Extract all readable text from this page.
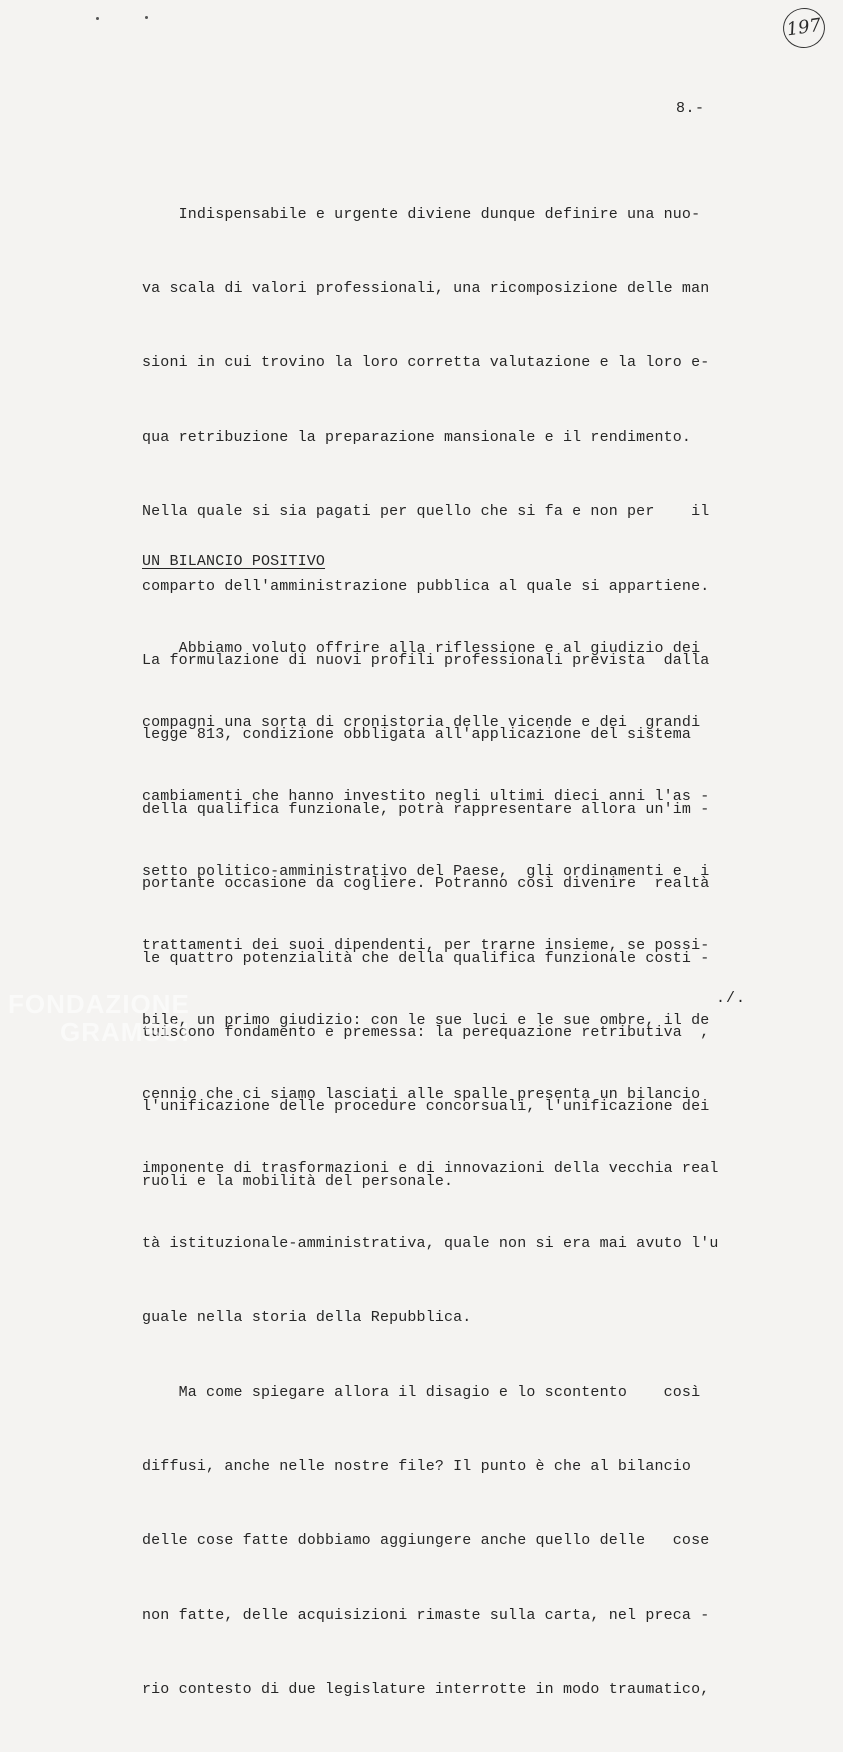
197
8.-

Indispensabile e urgente diviene dunque definire una nuo-

va scala di valori professionali, una ricomposizione delle man

sioni in cui trovino la loro corretta valutazione e la loro e-

qua retribuzione la preparazione mansionale e il rendimento.

Nella quale si sia pagati per quello che si fa e non per    il

comparto dell'amministrazione pubblica al quale si appartiene.

La formulazione di nuovi profili professionali prevista  dalla

legge 813, condizione obbligata all'applicazione del sistema

della qualifica funzionale, potrà rappresentare allora un'im -

portante occasione da cogliere. Potranno così divenire  realtà

le quattro potenzialità che della qualifica funzionale costi -

tuiscono fondamento e premessa: la perequazione retributiva  ,

l'unificazione delle procedure concorsuali, l'unificazione dei

ruoli e la mobilità del personale.

UN BILANCIO POSITIVO

Abbiamo voluto offrire alla riflessione e al giudizio dei

compagni una sorta di cronistoria delle vicende e dei  grandi

cambiamenti che hanno investito negli ultimi dieci anni l'as -

setto politico-amministrativo del Paese,  gli ordinamenti e  i

trattamenti dei suoi dipendenti, per trarne insieme, se possi-

bile, un primo giudizio: con le sue luci e le sue ombre, il de

cennio che ci siamo lasciati alle spalle presenta un bilancio

imponente di trasformazioni e di innovazioni della vecchia real

tà istituzionale-amministrativa, quale non si era mai avuto l'u

guale nella storia della Repubblica.

Ma come spiegare allora il disagio e lo scontento    così

diffusi, anche nelle nostre file? Il punto è che al bilancio

delle cose fatte dobbiamo aggiungere anche quello delle   cose

non fatte, delle acquisizioni rimaste sulla carta, nel preca -

rio contesto di due legislature interrotte in modo traumatico,

./.
FONDAZIONE
GRAMSCI
